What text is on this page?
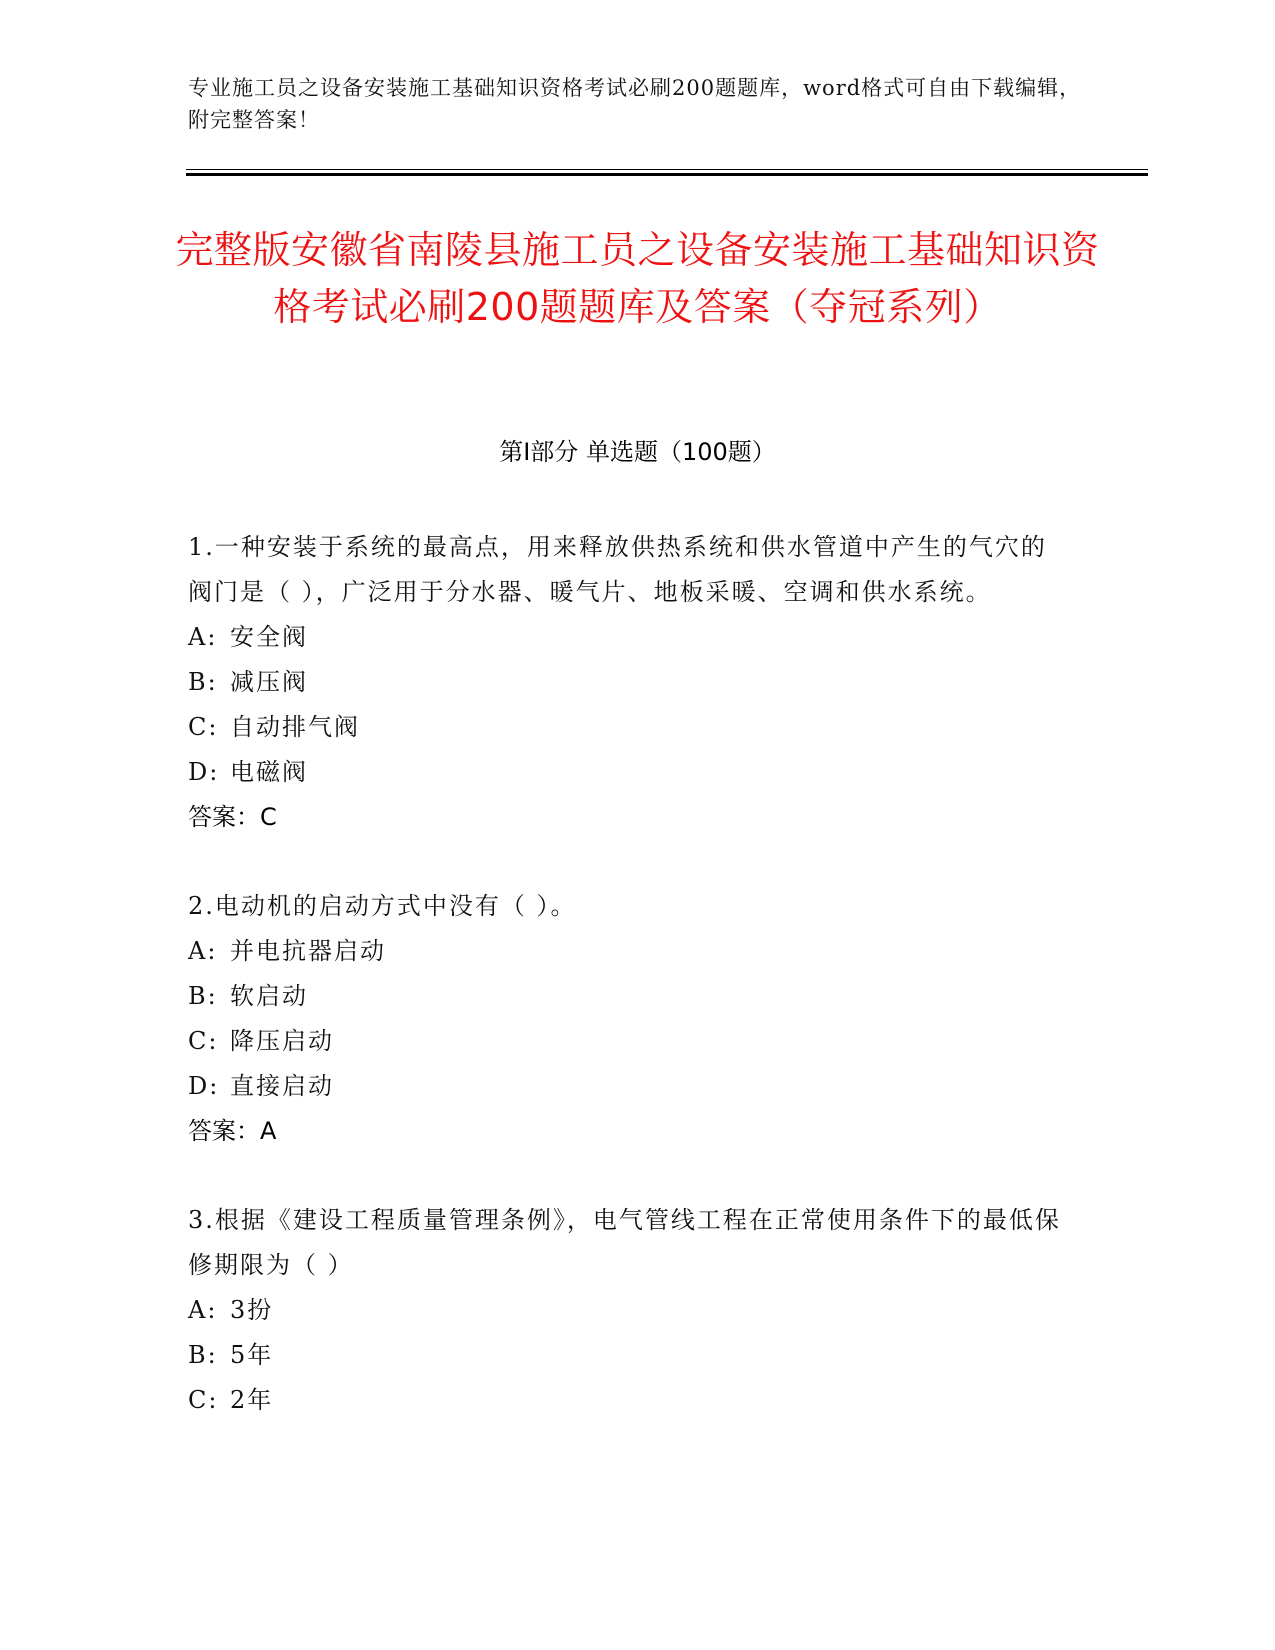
专业施工员之设备安装施工基础知识资格考试必刷200题题库，word格式可自由下载编辑，附完整答案！
完整版安徽省南陵县施工员之设备安装施工基础知识资格考试必刷200题题库及答案（夺冠系列）
第Ⅰ部分 单选题（100题）
1.一种安装于系统的最高点，用来释放供热系统和供水管道中产生的气穴的阀门是（ ），广泛用于分水器、暖气片、地板采暖、空调和供水系统。
A: 安全阀
B: 减压阀
C: 自动排气阀
D: 电磁阀
答案：C
2.电动机的启动方式中没有（ ）。
A: 并电抗器启动
B: 软启动
C: 降压启动
D: 直接启动
答案：A
3.根据《建设工程质量管理条例》，电气管线工程在正常使用条件下的最低保修期限为（ ）
A: 3扮
B: 5年
C: 2年
